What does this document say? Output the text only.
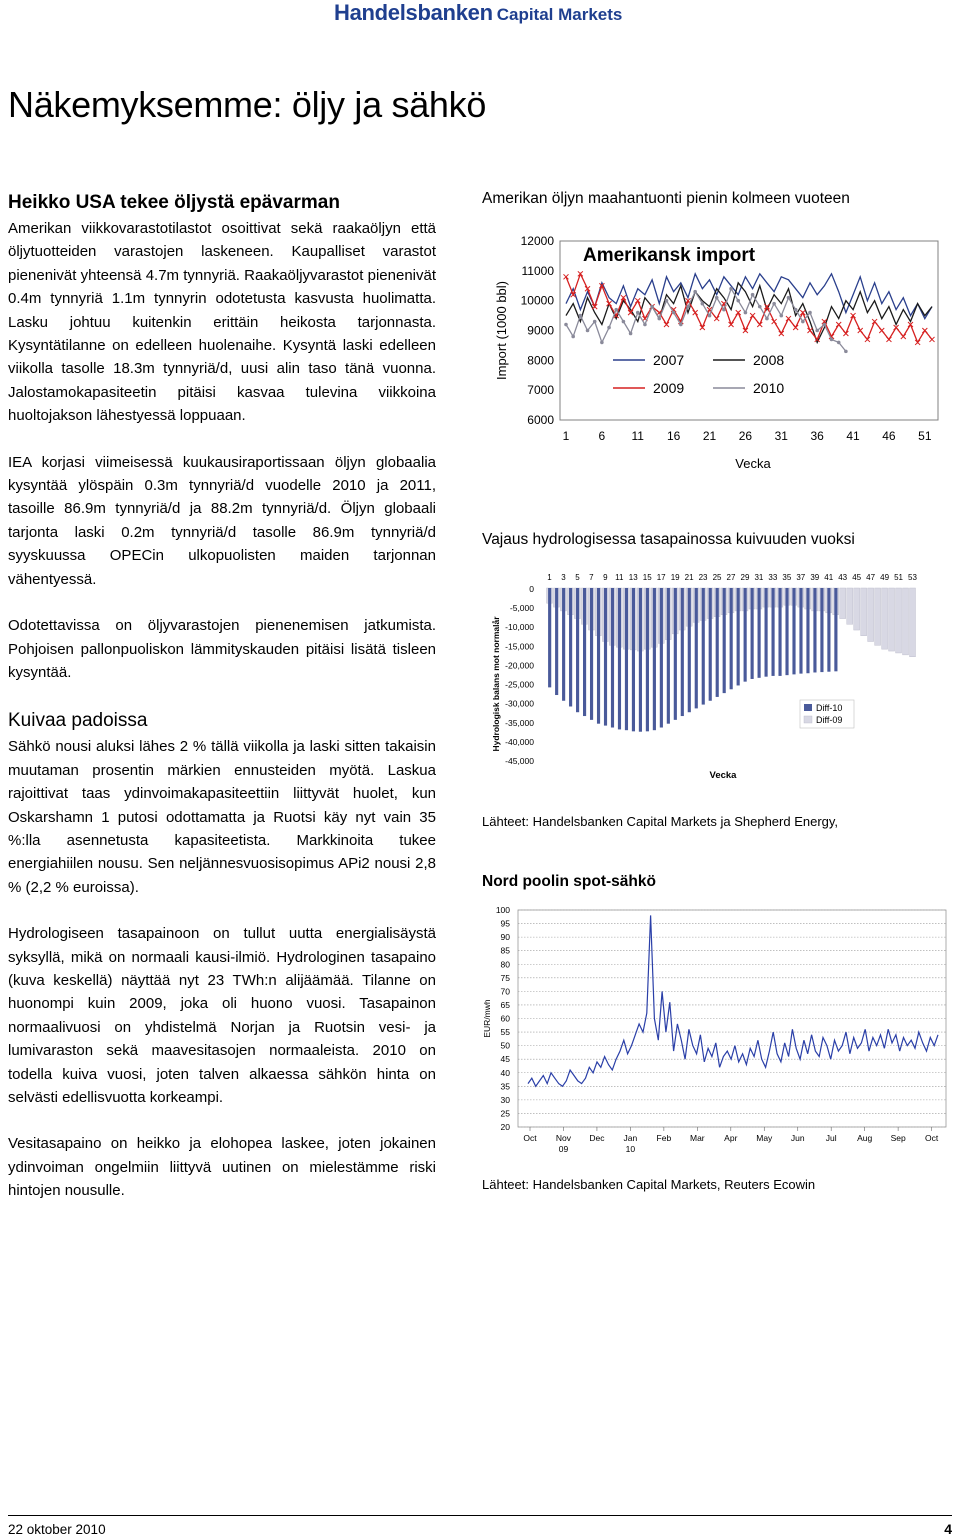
Handelsbanken Capital Markets
Näkemyksemme: öljy ja sähkö
Heikko USA tekee öljystä epävarman

Amerikan viikkovarastotilastot osoittivat sekä raakaöljyn että öljytuotteiden varastojen laskeneen. Kaupalliset varastot pienenivät yhteensä 4.7m tynnyriä. Raakaöljyvarastot pienenivät 0.4m tynnyriä 1.1m tynnyrin odotetusta kasvusta huolimatta. Lasku johtuu kuitenkin erittäin heikosta tarjonnasta. Kysyntätilanne on edelleen huolenaihe. Kysyntä laski edelleen viikolla tasolle 18.3m tynnyriä/d, uusi alin taso tänä vuonna. Jalostamokapasiteetin pitäisi kasvaa tulevina viikkoina huoltojakson lähestyessä loppuaan.

IEA korjasi viimeisessä kuukausiraportissaan öljyn globaalia kysyntää ylöspäin 0.3m tynnyriä/d vuodelle 2010 ja 2011, tasoille 86.9m tynnyriä/d ja 88.2m tynnyriä/d. Öljyn globaali tarjonta laski 0.2m tynnyriä/d tasolle 86.9m tynnyriä/d syyskuussa OPECin ulkopuolisten maiden tarjonnan vähentyessä.

Odotettavissa on öljyvarastojen pienenemisen jatkumista. Pohjoisen pallonpuoliskon lämmityskauden pitäisi lisätä tisleen kysyntää.

Kuivaa padoissa

Sähkö nousi aluksi lähes 2 % tällä viikolla ja laski sitten takaisin muutaman prosentin märkien ennusteiden myötä. Laskua rajoittivat taas ydinvoimakapasiteettiin liittyvät huolet, kun Oskarshamn 1 putosi odottamatta ja Ruotsi käy nyt vain 35 %:lla asennetusta kapasiteetista. Markkinoita tukee energiahiilen nousu. Sen neljännesvuosisopimus APi2 nousi 2,8 % (2,2 % euroissa).

Hydrologiseen tasapainoon on tullut uutta energialisäystä syksyllä, mikä on normaali kausi-ilmiö. Hydrologinen tasapaino (kuva keskellä) näyttää nyt 23 TWh:n alijäämää. Tilanne on huonompi kuin 2009, joka oli huono vuosi. Tasapainon normaalivuosi on yhdistelmä Norjan ja Ruotsin vesi- ja lumivaraston sekä maavesitasojen normaaleista. 2010 on todella kuiva vuosi, joten talven alkaessa sähkön hinta on selvästi edellisvuotta korkeampi.

Vesitasapaino on heikko ja elohopea laskee, joten jokainen ydinvoiman ongelmiin liittyvä uutinen on mielestämme riski hintojen nousulle.

Amerikan öljyn maahantuonti pienin kolmeen vuoteen
12000
11000
10000
9000
8000
7000
6000
1 6 11 16 21 26 31 36 41 46 51
Vecka
Import (1000 bbl)
Amerikansk import
2007	2008
2009	2010
Vajaus hydrologisessa tasapainossa kuivuuden vuoksi
0
-5,000
-10,000
-15,000
-20,000
-25,000
-30,000
-35,000
-40,000
-45,000
1 3 5 7 9 11 13 15 17 19 21 23 25 27 29 31 33 35 37 39 41 43 45 47 49 51 53
Vecka
Hydrologisk balans mot normalår	Diff-10
Diff-09
Lähteet: Handelsbanken Capital Markets ja Shepherd Energy,
Nord poolin spot-sähkö
100
95
90
85
80
75
70
65
60
55
50
45
40
35
30
25
20
Oct Nov
09
Dec Jan
10
Feb Mar Apr May Jun Jul Aug Sep Oct
EUR/mwh
Lähteet: Handelsbanken Capital Markets, Reuters Ecowin
22 oktober 2010	4
